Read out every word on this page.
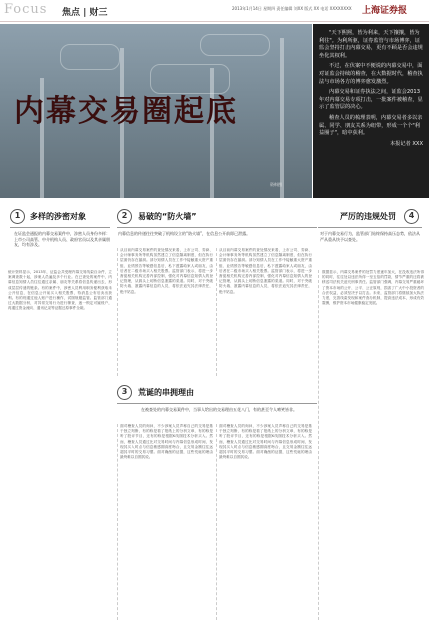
Focus 焦点 | 财三	2013年1月14日 星期四 责任编辑 刘XX 版式 XX 电话 XXXXXXXX 上海证券报
内幕交易圈起底
资料图

"天下熙熙，皆为利来，天下攘攘，皆为利往"。为利所驱，证券监管与市场博弈，证监会坚持打击内幕交易，更有不顾是否会违规坐化其权利。

不过，在伏案中不便说的内幕交易中，面对证监会持续的稽查，在大数据时代，稽查执法与市场各方的博弈愈发激烈。

内幕交易和证券执法之间，证监会2013年对内幕交易专项打击，一批案件被稽查，显示了监管层的决心。

稽查人员的梳理表明，内幕交易者多以亲属、同学、朋友关系为纽带，形成一个个"利益圈子"，暗中获利。

本报记者 XXX
1	多样的涉密对象
在证监会通报的内幕交易案件中，涉密人员身份多样：上市公司高管、中介机构人员、政府官员以及其亲属朋友，均有涉及。
统计资料显示，2013年，证监会共受理内幕交易线索百余件，立案调查数十起，涉案人员遍及多个行业。在已查处的案件中，内幕信息知情人员往往通过亲属、朋友等关系将信息传递出去，形成层层传递的链条。有的案件中，涉密人员利用职务便利获取未公开信息，在信息公开前买入相关股票，待消息公布后卖出获利。有的则通过他人账户进行操作，试图规避监管。监管部门通过大数据分析，对异常交易行为进行筛查，逐一锁定可疑账户，再通过资金流向、通讯记录等证据还原事件全貌。
2	易破的“防火墙”
内幕信息的传递往往突破了机构设立的“防火墙”，在信息公开前即已泄露。
从目前内幕交易案件的查处情况来看，上市公司、券商、会计师事务所等机构虽然建立了信息隔离制度，但在执行层面仍存在漏洞。部分知情人员在工作中接触重大资产重组、业绩预告等敏感信息后，私下透露给家人或朋友，由后者在二级市场买入相关股票。监管部门表示，将进一步督促相关机构完善内部控制，强化对内幕信息知情人的登记管理，从源头上切断信息泄露的渠道。同时，对于突破防火墙、泄露内幕信息的人员，将依法追究其法律责任，绝不姑息。
从目前内幕交易案件的查处情况来看，上市公司、券商、会计师事务所等机构虽然建立了信息隔离制度，但在执行层面仍存在漏洞。部分知情人员在工作中接触重大资产重组、业绩预告等敏感信息后，私下透露给家人或朋友，由后者在二级市场买入相关股票。监管部门表示，将进一步督促相关机构完善内部控制，强化对内幕信息知情人的登记管理，从源头上切断信息泄露的渠道。同时，对于突破防火墙、泄露内幕信息的人员，将依法追究其法律责任，绝不姑息。
3	荒诞的串拥理由
在被查处的内幕交易案件中，当事人给出的交易理由五花八门，有的甚至令人啼笑皆非。
面对稽查人员的询问，不少涉案人员声称自己的交易是基于独立判断，有的称是看了报纸上的分析文章，有的称是听了股评节目，还有的称是根据K线图技术分析买入。然而，稽查人员通过比对交易时间与内幕信息形成时间，发现其买入时点与信息敏感期高度吻合，且交易金额往往远超其平时的交易习惯。面对确凿的证据，这些荒诞的理由最终难以自圆其说。
面对稽查人员的询问，不少涉案人员声称自己的交易是基于独立判断，有的称是看了报纸上的分析文章，有的称是听了股评节目，还有的称是根据K线图技术分析买入。然而，稽查人员通过比对交易时间与内幕信息形成时间，发现其买入时点与信息敏感期高度吻合，且交易金额往往远超其平时的交易习惯。面对确凿的证据，这些荒诞的理由最终难以自圆其说。
4
严厉的违规处罚
对于内幕交易行为，监管部门始终保持高压态势，依法从严从重从快予以查处。
数据显示，内幕交易案件的处罚力度逐年加大，在没收违法所得的同时，往往处以违法所得一至五倍的罚款，情节严重的还将被移送司法机关追究刑事责任。监管部门强调，内幕交易严重破坏了资本市场的公开、公平、公正原则，损害了广大中小投资者的合法权益，必须坚决予以打击。未来，监管部门将继续加大执法力度，完善线索发现和案件查办机制，提高违法成本，形成有效震慑，维护资本市场健康稳定发展。
